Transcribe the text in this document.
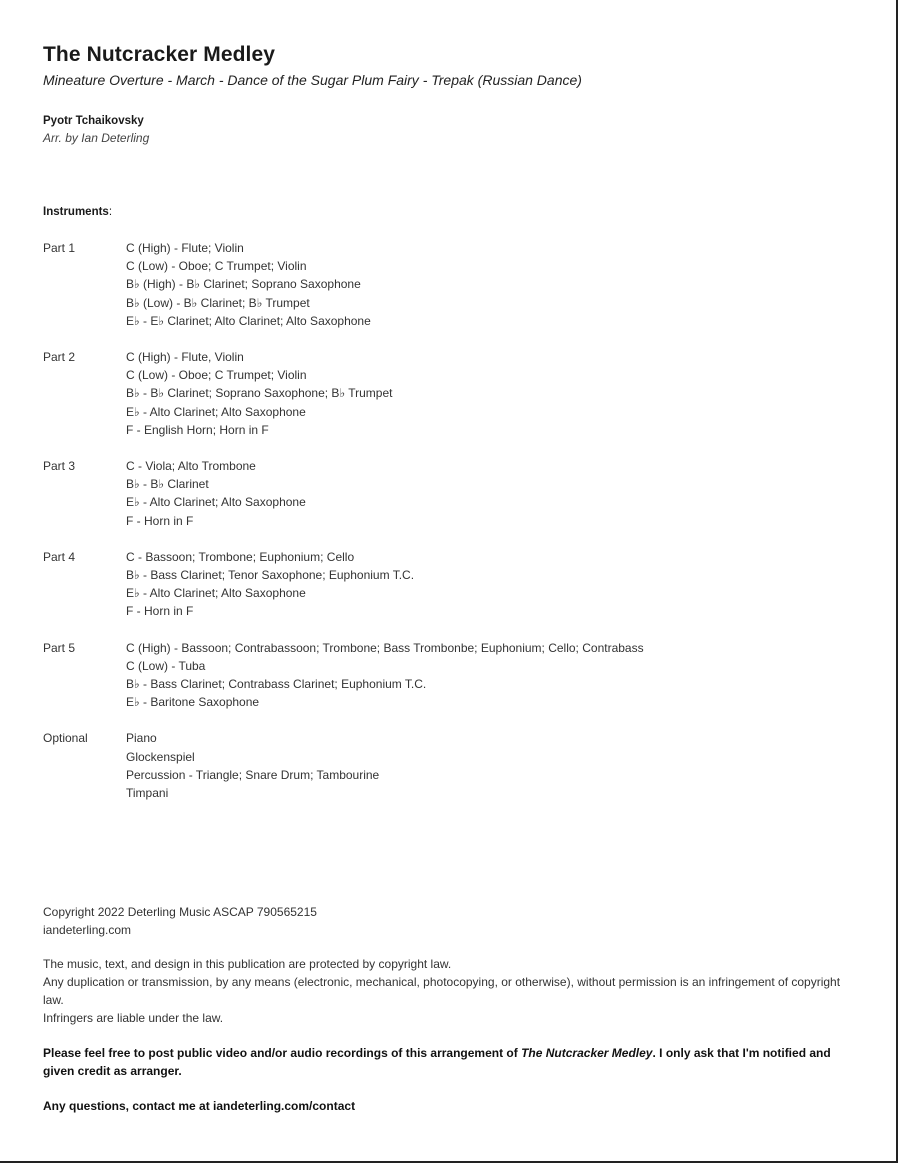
The Nutcracker Medley
Mineature Overture - March - Dance of the Sugar Plum Fairy - Trepak (Russian Dance)
Pyotr Tchaikovsky
Arr. by Ian Deterling
Instruments:
Part 1	C (High) - Flute; Violin
C (Low) - Oboe; C Trumpet; Violin
B♭ (High) - B♭ Clarinet; Soprano Saxophone
B♭ (Low) - B♭ Clarinet; B♭ Trumpet
E♭ - E♭ Clarinet; Alto Clarinet; Alto Saxophone
Part 2	C (High) - Flute, Violin
C (Low) - Oboe; C Trumpet; Violin
B♭ - B♭ Clarinet; Soprano Saxophone; B♭ Trumpet
E♭ - Alto Clarinet; Alto Saxophone
F - English Horn; Horn in F
Part 3	C - Viola; Alto Trombone
B♭ - B♭ Clarinet
E♭ - Alto Clarinet; Alto Saxophone
F - Horn in F
Part 4	C - Bassoon; Trombone; Euphonium; Cello
B♭ - Bass Clarinet; Tenor Saxophone; Euphonium T.C.
E♭ - Alto Clarinet; Alto Saxophone
F - Horn in F
Part 5	C (High) - Bassoon; Contrabassoon; Trombone; Bass Trombonbe; Euphonium; Cello; Contrabass
C (Low) - Tuba
B♭ - Bass Clarinet; Contrabass Clarinet; Euphonium T.C.
E♭ - Baritone Saxophone
Optional	Piano
Glockenspiel
Percussion - Triangle; Snare Drum; Tambourine
Timpani

Copyright 2022 Deterling Music ASCAP 790565215

iandeterling.com

The music, text, and design in this publication are protected by copyright law.

Any duplication or transmission, by any means (electronic, mechanical, photocopying, or otherwise), without permission is an infringement of copyright law.

Infringers are liable under the law.

Please feel free to post public video and/or audio recordings of this arrangement of The Nutcracker Medley. I only ask that I'm notified and given credit as arranger.
Any questions, contact me at iandeterling.com/contact
